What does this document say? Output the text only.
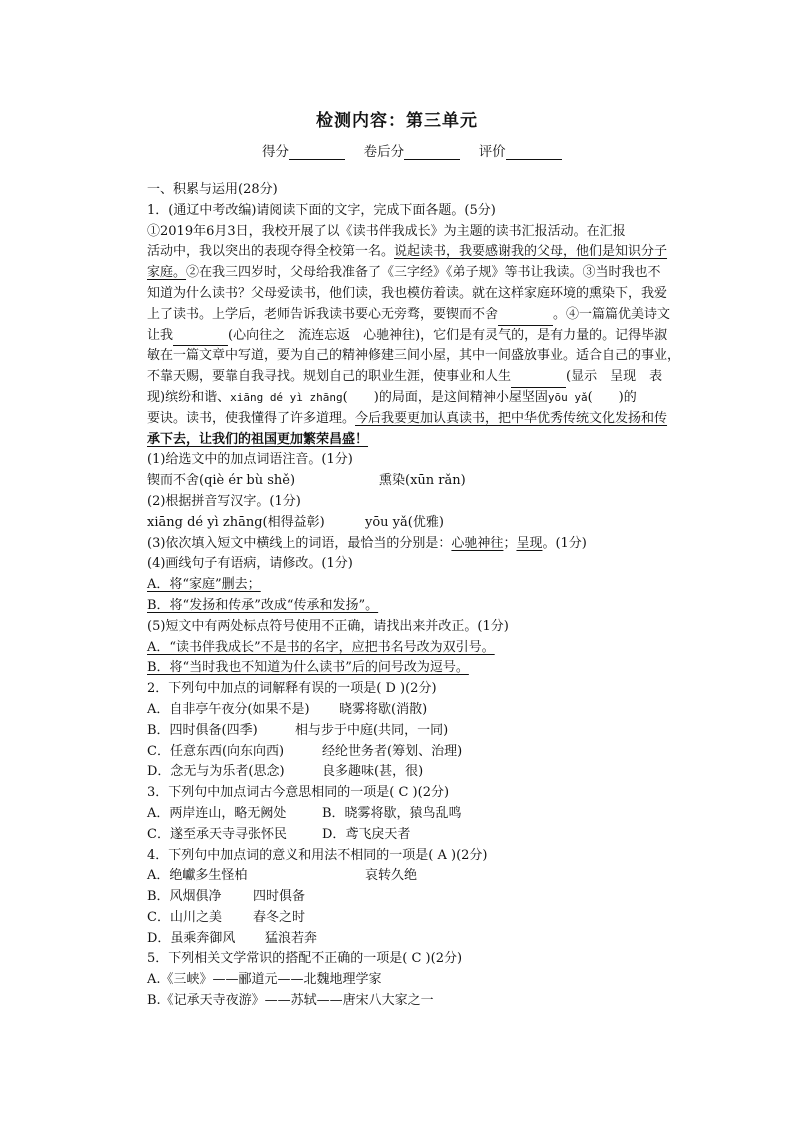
检测内容：第三单元
得分	卷后分	评价
一、积累与运用(28分)
1．(通辽中考改编)请阅读下面的文字，完成下面各题。(5分)
①2019年6月3日，我校开展了以《读书伴我成长》为主题的读书汇报活动。在汇报
活动中，我以突出的表现夺得全校第一名。说起读书，我要感谢我的父母，他们是知识分子
家庭。②在我三四岁时，父母给我准备了《三字经》《弟子规》等书让我读。③当时我也不
知道为什么读书？父母爱读书，他们读，我也模仿着读。就在这样家庭环境的熏染下，我爱
上了读书。上学后，老师告诉我读书要心无旁骛，要锲而不舍	。④一篇篇优美诗文
让我	(心向往之　流连忘返　心驰神往)，它们是有灵气的，是有力量的。记得毕淑
敏在一篇文章中写道，要为自己的精神修建三间小屋，其中一间盛放事业。适合自己的事业，
不靠天赐，要靠自我寻找。规划自己的职业生涯，使事业和人生	(显示　呈现　表
现)缤纷和谐、xiāng dé yì zhāng(　　)的局面，是这间精神小屋坚固yōu yǎ(　　)的
要诀。读书，使我懂得了许多道理。今后我要更加认真读书，把中华优秀传统文化发扬和传
承下去，让我们的祖国更加繁荣昌盛！
(1)给选文中的加点词语注音。(1分)
锲而不舍(qiè ér bù shě)	熏染(xūn rǎn)
(2)根据拼音写汉字。(1分)
xiāng dé yì zhāng(相得益彰)	yōu yǎ(优雅)
(3)依次填入短文中横线上的词语，最恰当的分别是：心驰神往；呈现。(1分)
(4)画线句子有语病，请修改。(1分)
A．将“家庭”删去；
B．将“发扬和传承”改成“传承和发扬”。
(5)短文中有两处标点符号使用不正确，请找出来并改正。(1分)
A．“读书伴我成长”不是书的名字，应把书名号改为双引号。
B．将“当时我也不知道为什么读书”后的问号改为逗号。
2．下列句中加点的词解释有误的一项是( D )(2分)
A．自非亭午夜分(如果不是) 晓雾将歇(消散)
B．四时俱备(四季)	相与步于中庭(共同，一同)
C．任意东西(向东向西)	经纶世务者(筹划、治理)
D．念无与为乐者(思念)	良多趣味(甚，很)
3．下列句中加点词古今意思相同的一项是( C )(2分)
A．两岸连山，略无阙处	B．晓雾将歇，猿鸟乱鸣
C．遂至承天寺寻张怀民	D．鸢飞戾天者
4．下列句中加点词的意义和用法不相同的一项是( A )(2分)
A．绝巘多生怪柏	哀转久绝
B．风烟俱净 四时俱备
C．山川之美 春冬之时
D．虽乘奔御风 猛浪若奔
5．下列相关文学常识的搭配不正确的一项是( C )(2分)
A.《三峡》——郦道元——北魏地理学家
B.《记承天寺夜游》——苏轼——唐宋八大家之一
